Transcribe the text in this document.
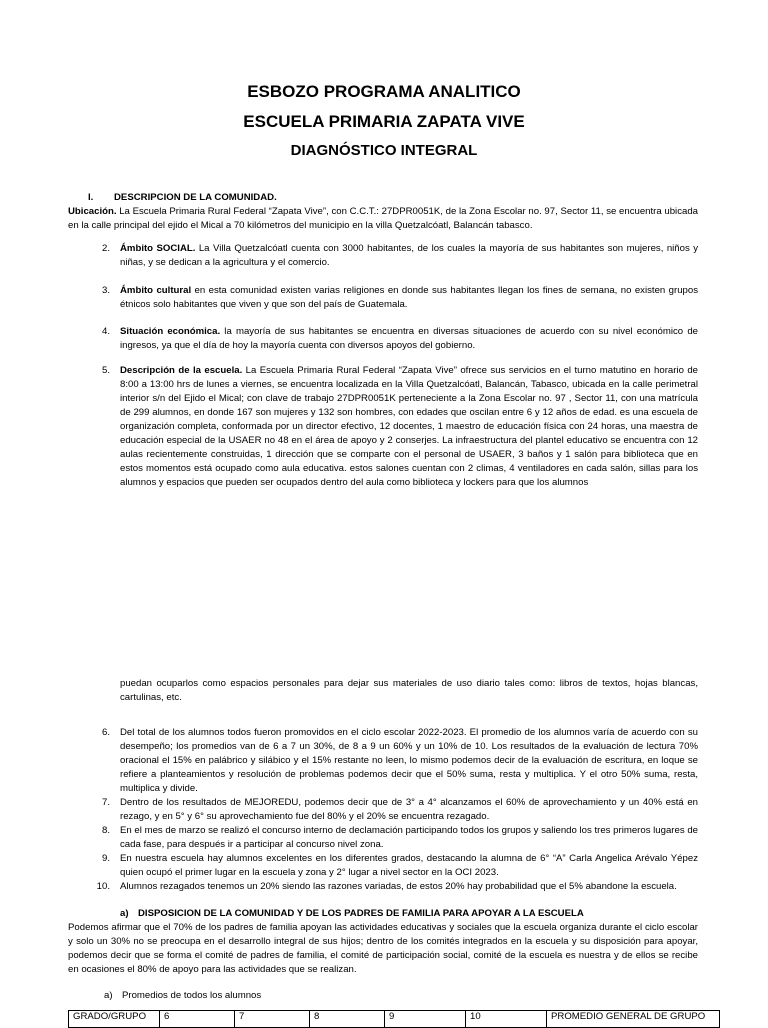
ESBOZO PROGRAMA ANALITICO
ESCUELA PRIMARIA ZAPATA VIVE
DIAGNÓSTICO INTEGRAL
I. DESCRIPCION DE LA COMUNIDAD.
Ubicación. La Escuela Primaria Rural Federal “Zapata Vive”, con C.C.T.: 27DPR0051K, de la Zona Escolar no. 97, Sector 11, se encuentra ubicada en la calle principal del ejido el Mical a 70 kilómetros del municipio en la villa Quetzalcóatl, Balancán tabasco.
2. Ámbito SOCIAL. La Villa Quetzalcóatl cuenta con 3000 habitantes, de los cuales la mayoría de sus habitantes son mujeres, niños y niñas, y se dedican a la agricultura y el comercio.
3. Ámbito cultural en esta comunidad existen varias religiones en donde sus habitantes llegan los fines de semana, no existen grupos étnicos solo habitantes que viven y que son del país de Guatemala.
4. Situación económica. la mayoría de sus habitantes se encuentra en diversas situaciones de acuerdo con su nivel económico de ingresos, ya que el día de hoy la mayoría cuenta con diversos apoyos del gobierno.
5. Descripción de la escuela. La Escuela Primaria Rural Federal “Zapata Vive” ofrece sus servicios en el turno matutino en horario de 8:00 a 13:00 hrs de lunes a viernes, se encuentra localizada en la Villa Quetzalcóatl, Balancán, Tabasco, ubicada en la calle perimetral interior s/n del Ejido el Mical; con clave de trabajo 27DPR0051K perteneciente a la Zona Escolar no. 97 , Sector 11, con una matrícula de 299 alumnos, en donde 167 son mujeres y 132 son hombres, con edades que oscilan entre 6 y 12 años de edad. es una escuela de organización completa, conformada por un director efectivo, 12 docentes, 1 maestro de educación física con 24 horas, una maestra de educación especial de la USAER no 48 en el área de apoyo y 2 conserjes. La infraestructura del plantel educativo se encuentra con 12 aulas recientemente construidas, 1 dirección que se comparte con el personal de USAER, 3 baños y 1 salón para biblioteca que en estos momentos está ocupado como aula educativa. estos salones cuentan con 2 climas, 4 ventiladores en cada salón, sillas para los alumnos y espacios que pueden ser ocupados dentro del aula como biblioteca y lockers para que los alumnos
puedan ocuparlos como espacios personales para dejar sus materiales de uso diario tales como: libros de textos, hojas blancas, cartulinas, etc.
6. Del total de los alumnos todos fueron promovidos en el ciclo escolar 2022-2023. El promedio de los alumnos varía de acuerdo con su desempeño; los promedios van de 6 a 7 un 30%, de 8 a 9 un 60% y un 10% de 10. Los resultados de la evaluación de lectura 70% oracional el 15% en palábrico y silábico y el 15% restante no leen, lo mismo podemos decir de la evaluación de escritura, en loque se refiere a planteamientos y resolución de problemas podemos decir que el 50% suma, resta y multiplica. Y el otro 50% suma, resta, multiplica y divide.
7. Dentro de los resultados de MEJOREDU, podemos decir que de 3° a 4° alcanzamos el 60% de aprovechamiento y un 40% está en rezago, y en 5° y 6° su aprovechamiento fue del 80% y el 20% se encuentra rezagado.
8. En el mes de marzo se realizó el concurso interno de declamación participando todos los grupos y saliendo los tres primeros lugares de cada fase, para después ir a participar al concurso nivel zona.
9. En nuestra escuela hay alumnos excelentes en los diferentes grados, destacando la alumna de 6° “A” Carla Angelica Arévalo Yépez quien ocupó el primer lugar en la escuela y zona y 2° lugar a nivel sector en la OCI 2023.
10. Alumnos rezagados tenemos un 20% siendo las razones variadas, de estos 20% hay probabilidad que el 5% abandone la escuela.
a) DISPOSICION DE LA COMUNIDAD Y DE LOS PADRES DE FAMILIA PARA APOYAR A LA ESCUELA
Podemos afirmar que el 70% de los padres de familia apoyan las actividades educativas y sociales que la escuela organiza durante el ciclo escolar y solo un 30% no se preocupa en el desarrollo integral de sus hijos; dentro de los comités integrados en la escuela y su disposición para apoyar, podemos decir que se forma el comité de padres de familia, el comité de participación social, comité de la escuela es nuestra y de ellos se recibe en ocasiones el 80% de apoyo para las actividades que se realizan.
a) Promedios de todos los alumnos
GRADO/GRUPO	6	7	8	9	10	PROMEDIO GENERAL DE GRUPO
